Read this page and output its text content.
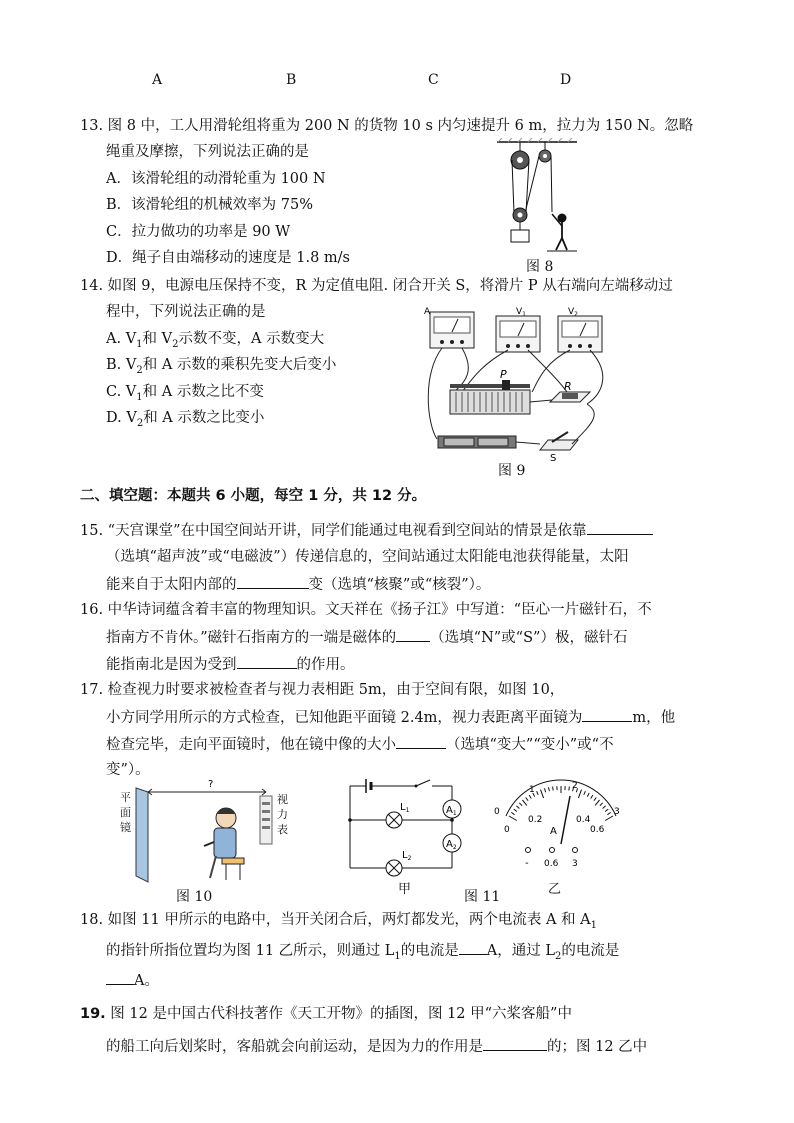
A	B	C	D
13. 图 8 中，工人用滑轮组将重为 200 N 的货物 10 s 内匀速提升 6 m，拉力为 150 N。忽略
绳重及摩擦，下列说法正确的是
A．该滑轮组的动滑轮重为 100 N
B．该滑轮组的机械效率为 75%
C．拉力做功的功率是 90 W
D．绳子自由端移动的速度是 1.8 m/s
图 8
14. 如图 9，电源电压保持不变，R 为定值电阻. 闭合开关 S，将滑片 P 从右端向左端移动过
程中，下列说法正确的是
A. $V_1$和 $V_2$示数不变，A 示数变大
B. $V_2$和 A 示数的乘积先变大后变小
C. $V_1$和 A 示数之比不变
D. $V_2$和 A 示数之比变小
A	$V_1$	$V_2$
P
R
S
图 9
二、填空题：本题共 6 小题，每空 1 分，共 12 分。
15. “天宫课堂”在中国空间站开讲，同学们能通过电视看到空间站的情景是依靠
（选填“超声波”或“电磁波”）传递信息的，空间站通过太阳能电池获得能量，太阳
能来自于太阳内部的	变（选填“核聚”或“核裂”）。
16. 中华诗词蕴含着丰富的物理知识。文天祥在《扬子江》中写道：“臣心一片磁针石，不
指南方不肯休。”磁针石指南方的一端是磁体的 （选填“N”或“S”）极，磁针石
能指南北是因为受到	的作用。
17. 检查视力时要求被检查者与视力表相距 5m，由于空间有限，如图 10，
小方同学用所示的方式检查，已知他距平面镜 2.4m，视力表距离平面镜为	m，他
检查完毕，走向平面镜时，他在镜中像的大小	（选填“变大”“变小”或“不
变”）。
?
平面镜
视力表
图 10
$A_1$
$L_1$
$A_2$
$L_2$
甲	图 11
0
1	2
3
0
0.2	0.4
0.6
A
- 0.6 3
乙
18. 如图 11 甲所示的电路中，当开关闭合后，两灯都发光，两个电流表 A 和 $A_1$
的指针所指位置均为图 11 乙所示，则通过 $L_1$的电流是 A，通过 $L_2$的电流是
A。
19. 图 12 是中国古代科技著作《天工开物》的插图，图 12 甲“六桨客船”中
的船工向后划桨时，客船就会向前运动，是因为力的作用是	的；图 12 乙中
